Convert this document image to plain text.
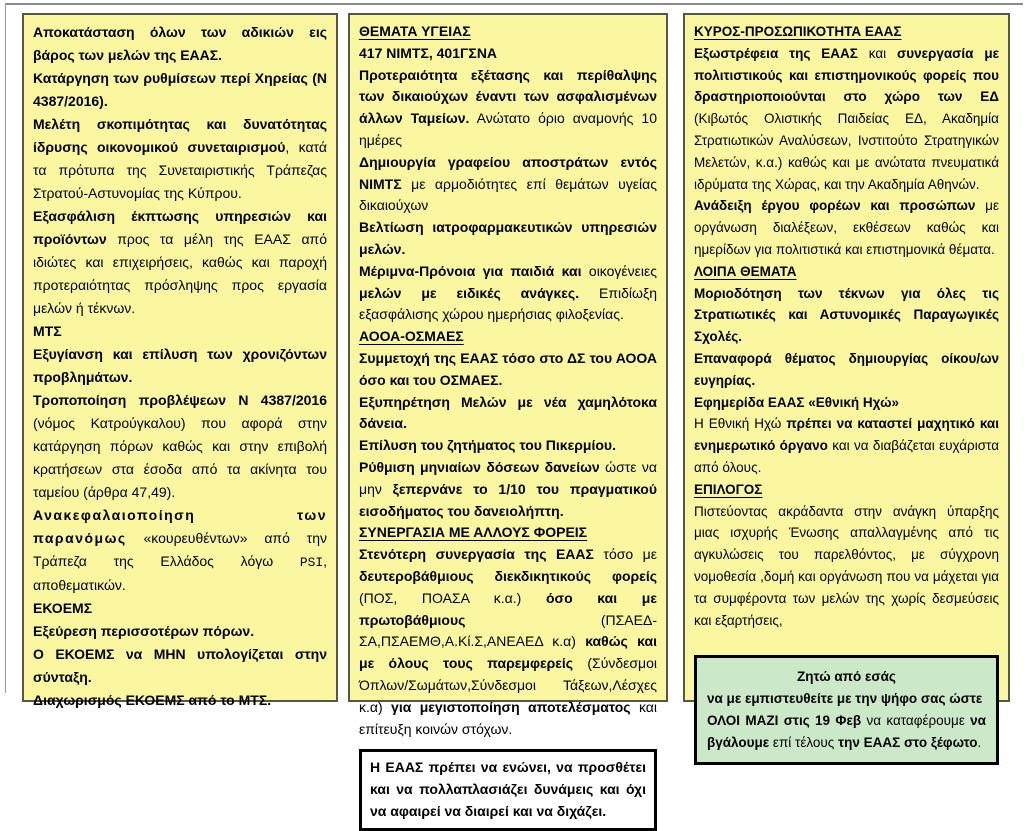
Αποκατάσταση όλων των αδικιών εις βάρος των μελών της ΕΑΑΣ.

Κατάργηση των ρυθμίσεων περί Χηρείας (Ν 4387/2016).

Μελέτη σκοπιμότητας και δυνατότητας ίδρυσης οικονομικού συνεταιρισμού, κατά τα πρότυπα της Συνεταιριστικής Τράπεζας Στρατού-Αστυνομίας της Κύπρου.

Εξασφάλιση έκπτωσης υπηρεσιών και προϊόντων προς τα μέλη της ΕΑΑΣ από ιδιώτες και επιχειρήσεις, καθώς και παροχή προτεραιότητας πρόσληψης προς εργασία μελών ή τέκνων.

ΜΤΣ

Εξυγίανση και επίλυση των χρονιζόντων προβλημάτων.

Τροποποίηση προβλέψεων Ν 4387/2016 (νόμος Κατρούγκαλου) που αφορά στην κατάργηση πόρων καθώς και στην επιβολή κρατήσεων στα έσοδα από τα ακίνητα του ταμείου (άρθρα 47,49).

Ανακεφαλαιοποίηση των παρανόμως «κουρευθέντων» από την Τράπεζα της Ελλάδος λόγω PSI, αποθεματικών.

ΕΚΟΕΜΣ

Εξεύρεση περισσοτέρων πόρων.

Ο ΕΚΟΕΜΣ να ΜΗΝ υπολογίζεται στην σύνταξη.

Διαχωρισμός ΕΚΟΕΜΣ από το ΜΤΣ.

ΘΕΜΑΤΑ ΥΓΕΙΑΣ

417 ΝΙΜΤΣ, 401ΓΣΝΑ

Προτεραιότητα εξέτασης και περίθαλψης των δικαιούχων έναντι των ασφαλισμένων άλλων Ταμείων. Ανώτατο όριο αναμονής 10 ημέρες

Δημιουργία γραφείου αποστράτων εντός ΝΙΜΤΣ με αρμοδιότητες επί θεμάτων υγείας δικαιούχων

Βελτίωση ιατροφαρμακευτικών υπηρεσιών μελών.

Μέριμνα-Πρόνοια για παιδιά και οικογένειες μελών με ειδικές ανάγκες. Επιδίωξη εξασφάλισης χώρου ημερήσιας φιλοξενίας.

ΑΟΟΑ-ΟΣΜΑΕΣ

Συμμετοχή της ΕΑΑΣ τόσο στο ΔΣ του ΑΟΟΑ όσο και του ΟΣΜΑΕΣ.

Εξυπηρέτηση Μελών με νέα χαμηλότοκα δάνεια.

Επίλυση του ζητήματος του Πικερμίου.

Ρύθμιση μηνιαίων δόσεων δανείων ώστε να μην ξεπερνάνε το 1/10 του πραγματικού εισοδήματος του δανειολήπτη.

ΣΥΝΕΡΓΑΣΙΑ ΜΕ ΑΛΛΟΥΣ ΦΟΡΕΙΣ

Στενότερη συνεργασία της ΕΑΑΣ τόσο με δευτεροβάθμιους διεκδικητικούς φορείς (ΠΟΣ, ΠΟΑΣΑ κ.α.) όσο και με πρωτοβάθμιους (ΠΣΑΕΔ-ΣΑ,ΠΣΑΕΜΘ,Α.Κί.Σ,ΑΝΕΑΕΔ κ.α) καθώς και με όλους τους παρεμφερείς (Σύνδεσμοι Όπλων/Σωμάτων,Σύνδεσμοι Τάξεων,Λέσχες κ.α) για μεγιστοποίηση αποτελέσματος και επίτευξη κοινών στόχων.

Η ΕΑΑΣ πρέπει να ενώνει, να προσθέτει και να πολλαπλασιάζει δυνάμεις και όχι να αφαιρεί να διαιρεί και να διχάζει.

ΚΥΡΟΣ-ΠΡΟΣΩΠΙΚΟΤΗΤΑ ΕΑΑΣ

Εξωστρέφεια της ΕΑΑΣ και συνεργασία με πολιτιστικούς και επιστημονικούς φορείς που δραστηριοποιούνται στο χώρο των ΕΔ (Κιβωτός Ολιστικής Παιδείας ΕΔ, Ακαδημία Στρατιωτικών Αναλύσεων, Ινστιτούτο Στρατηγικών Μελετών, κ.α.) καθώς και με ανώτατα πνευματικά ιδρύματα της Χώρας, και την Ακαδημία Αθηνών.

Ανάδειξη έργου φορέων και προσώπων με οργάνωση διαλέξεων, εκθέσεων καθώς και ημερίδων για πολιτιστικά και επιστημονικά θέματα.

ΛΟΙΠΑ ΘΕΜΑΤΑ

Μοριοδότηση των τέκνων για όλες τις Στρατιωτικές και Αστυνομικές Παραγωγικές Σχολές.

Επαναφορά θέματος δημιουργίας οίκου/ων ευγηρίας.

Εφημερίδα ΕΑΑΣ «Εθνική Ηχώ»

Η Εθνική Ηχώ πρέπει να καταστεί μαχητικό και ενημερωτικό όργανο και να διαβάζεται ευχάριστα από όλους.

ΕΠΙΛΟΓΟΣ

Πιστεύοντας ακράδαντα στην ανάγκη ύπαρξης μιας ισχυρής Ένωσης απαλλαγμένης από τις αγκυλώσεις του παρελθόντος, με σύγχρονη νομοθεσία ,δομή και οργάνωση που να μάχεται για τα συμφέροντα των μελών της χωρίς δεσμεύσεις και εξαρτήσεις,

Ζητώ από εσάς

να με εμπιστευθείτε με την ψήφο σας ώστε

ΟΛΟΙ ΜΑΖΙ στις 19 Φεβ να καταφέρουμε να βγάλουμε επί τέλους την ΕΑΑΣ στο ξέφωτο.
